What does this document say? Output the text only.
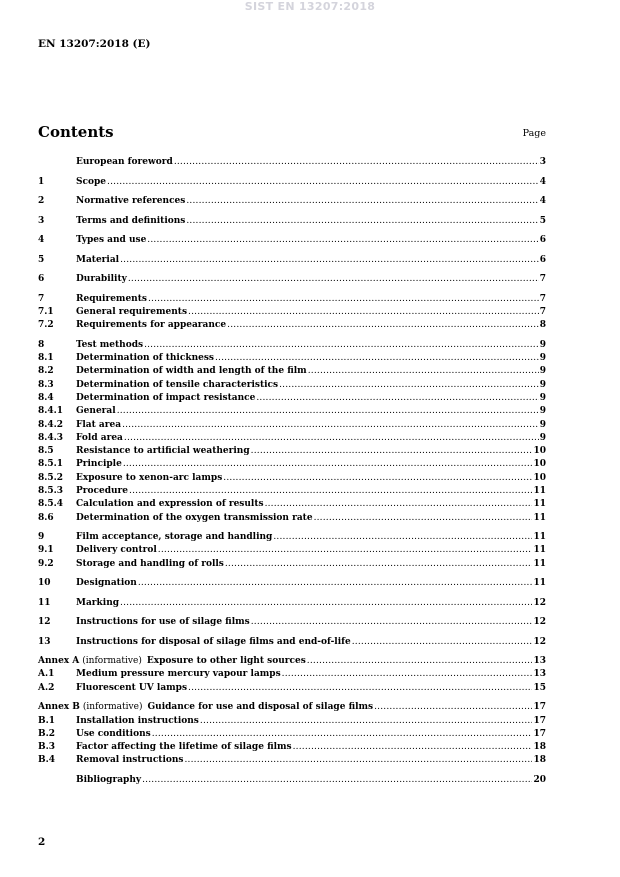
SIST EN 13207:2018
EN 13207:2018 (E)
Contents	Page
European foreword .....	3
1	Scope .....	4
2	Normative references .....	4
3	Terms and definitions .....	5
4	Types and use .....	6
5	Material .....	6
6	Durability .....	7
7	Requirements .....	7
7.1	General requirements .....	7
7.2	Requirements for appearance .....	8
8	Test methods .....	9
8.1	Determination of thickness .....	9
8.2	Determination of width and length of the film .....	9
8.3	Determination of tensile characteristics .....	9
8.4	Determination of impact resistance .....	9
8.4.1	General .....	9
8.4.2	Flat area .....	9
8.4.3	Fold area .....	9
8.5	Resistance to artificial weathering .....	10
8.5.1	Principle .....	10
8.5.2	Exposure to xenon-arc lamps .....	10
8.5.3	Procedure .....	11
8.5.4	Calculation and expression of results .....	11
8.6	Determination of the oxygen transmission rate .....	11
9	Film acceptance, storage and handling .....	11
9.1	Delivery control .....	11
9.2	Storage and handling of rolls .....	11
10	Designation .....	11
11	Marking .....	12
12	Instructions for use of silage films .....	12
13	Instructions for disposal of silage films and end-of-life .....	12
Annex A (informative) Exposure to other light sources .....	13
A.1	Medium pressure mercury vapour lamps .....	13
A.2	Fluorescent UV lamps .....	15
Annex B (informative) Guidance for use and disposal of silage films .....	17
B.1	Installation instructions .....	17
B.2	Use conditions .....	17
B.3	Factor affecting the lifetime of silage films .....	18
B.4	Removal instructions .....	18
Bibliography .....	20
2
